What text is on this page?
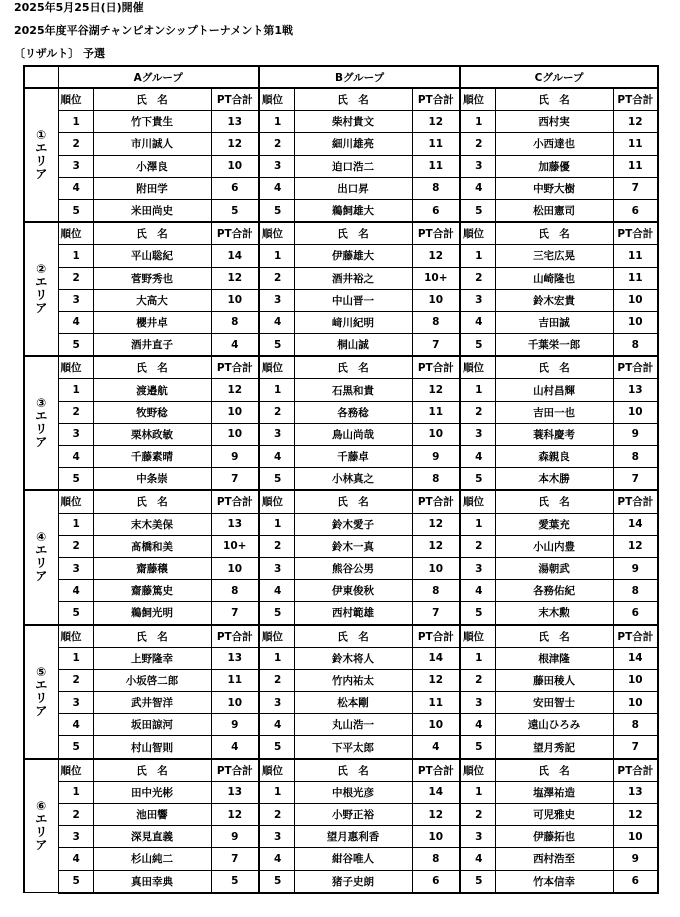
2025年5月25日(日)開催
2025年度平谷湖チャンピオンシップトーナメント第1戦
〔リザルト〕 予選
	Aグループ			Bグループ			Cグループ		

①
エ
リ
ア	順位	氏　名	PT合計	順位	氏　名	PT合計	順位	氏　名	PT合計
	1	竹下貴生	13	1	柴村貴文	12	1	西村実	12
	2	市川誠人	12	2	細川雄亮	11	2	小西達也	11
	3	小澤良	10	3	迫口浩二	11	3	加藤優	11
	4	附田学	6	4	出口昇	8	4	中野大樹	7
	5	米田尚史	5	5	鵜飼雄大	6	5	松田憲司	6

②
エ
リ
ア	順位	氏　名	PT合計	順位	氏　名	PT合計	順位	氏　名	PT合計
	1	平山聡紀	14	1	伊藤雄大	12	1	三宅広晃	11
	2	菅野秀也	12	2	酒井裕之	10+	2	山崎隆也	11
	3	大高大	10	3	中山晋一	10	3	鈴木宏貴	10
	4	櫻井卓	8	4	﨑川紀明	8	4	吉田誠	10
	5	酒井直子	4	5	桐山誠	7	5	千葉栄一郎	8

③
エ
リ
ア	順位	氏　名	PT合計	順位	氏　名	PT合計	順位	氏　名	PT合計
	1	渡邉航	12	1	石黒和貴	12	1	山村昌輝	13
	2	牧野稔	10	2	各務稔	11	2	吉田一也	10
	3	栗林政敏	10	3	鳥山尚哉	10	3	蓑科慶考	9
	4	千藤素晴	9	4	千藤卓	9	4	森親良	8
	5	中条崇	7	5	小林真之	8	5	本木勝	7

④
エ
リ
ア	順位	氏　名	PT合計	順位	氏　名	PT合計	順位	氏　名	PT合計
	1	末木美保	13	1	鈴木愛子	12	1	愛葉充	14
	2	髙橋和美	10+	2	鈴木一真	12	2	小山内豊	12
	3	齋藤穣	10	3	熊谷公男	10	3	湯朝武	9
	4	齋藤篤史	8	4	伊東俊秋	8	4	各務佑紀	8
	5	鵜飼光明	7	5	西村範雄	7	5	末木勲	6

⑤
エ
リ
ア	順位	氏　名	PT合計	順位	氏　名	PT合計	順位	氏　名	PT合計
	1	上野隆幸	13	1	鈴木将人	14	1	根津隆	14
	2	小坂啓二郎	11	2	竹内祐太	12	2	藤田稜人	10
	3	武井智洋	10	3	松本剛	11	3	安田智士	10
	4	坂田諒河	9	4	丸山浩一	10	4	遠山ひろみ	8
	5	村山智則	4	5	下平太郎	4	5	望月秀記	7

⑥
エ
リ
ア	順位	氏　名	PT合計	順位	氏　名	PT合計	順位	氏　名	PT合計
	1	田中光彬	13	1	中根光彦	14	1	塩澤祐造	13
	2	池田響	12	2	小野正裕	12	2	可児雅史	12
	3	深見直義	9	3	望月惠利香	10	3	伊藤拓也	10
	4	杉山純二	7	4	紺谷唯人	8	4	西村浩至	9
	5	真田幸典	5	5	猪子史朗	6	5	竹本信幸	6
